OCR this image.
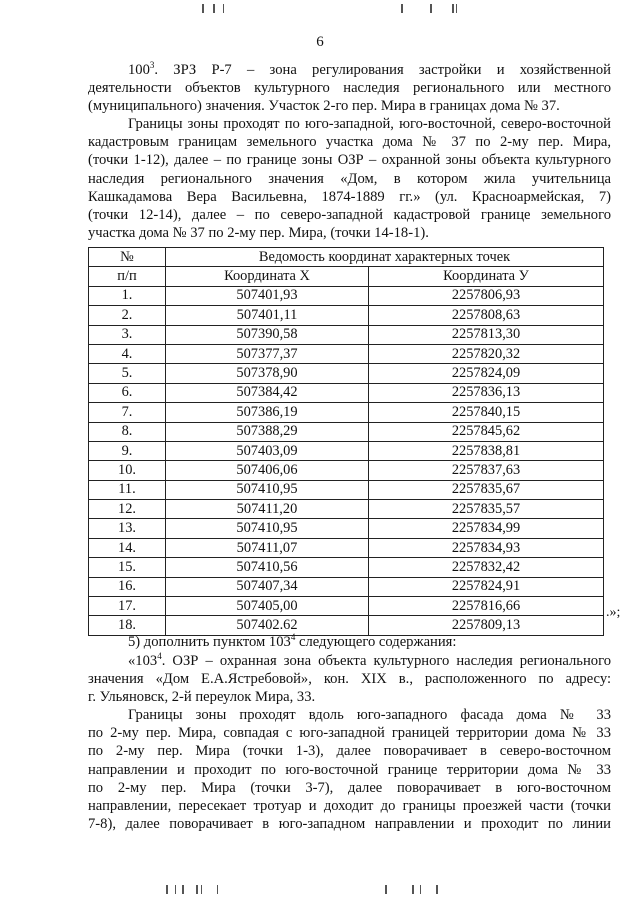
6

$100^3$. ЗРЗ Р-7 – зона регулирования застройки и хозяйственной
деятельности объектов культурного наследия регионального или местного
(муниципального) значения. Участок 2-го пер. Мира в границах дома № 37.

Границы зоны проходят по юго-западной, юго-восточной, северо-восточной
кадастровым границам земельного участка дома № 37 по 2-му пер. Мира,
(точки 1-12), далее – по границе зоны ОЗР – охранной зоны объекта культурного
наследия регионального значения «Дом, в котором жила учительница
Кашкадамова Вера Васильевна, 1874-1889 гг.» (ул. Красноармейская, 7)
(точки 12-14), далее – по северо-западной кадастровой границе земельного
участка дома № 37 по 2-му пер. Мира, (точки 14-18-1).

№	Ведомость координат характерных точек	
п/п	Координата X	Координата У
1.	507401,93	2257806,93
2.	507401,11	2257808,63
3.	507390,58	2257813,30
4.	507377,37	2257820,32
5.	507378,90	2257824,09
6.	507384,42	2257836,13
7.	507386,19	2257840,15
8.	507388,29	2257845,62
9.	507403,09	2257838,81
10.	507406,06	2257837,63
11.	507410,95	2257835,67
12.	507411,20	2257835,57
13.	507410,95	2257834,99
14.	507411,07	2257834,93
15.	507410,56	2257832,42
16.	507407,34	2257824,91
17.	507405,00	2257816,66
18.	507402.62	2257809,13
.»;

5) дополнить пунктом $103^4$ следующего содержания:

«$103^4$. ОЗР – охранная зона объекта культурного наследия регионального
значения «Дом Е.А.Ястребовой», кон. XIX в., расположенного по адресу:
г. Ульяновск, 2-й переулок Мира, 33.

Границы зоны проходят вдоль юго-западного фасада дома № 33
по 2-му пер. Мира, совпадая с юго-западной границей территории дома № 33
по 2-му пер. Мира (точки 1-3), далее поворачивает в северо-восточном
направлении и проходит по юго-восточной границе территории дома № 33
по 2-му пер. Мира (точки 3-7), далее поворачивает в юго-восточном
направлении, пересекает тротуар и доходит до границы проезжей части (точки
7-8), далее поворачивает в юго-западном направлении и проходит по линии
